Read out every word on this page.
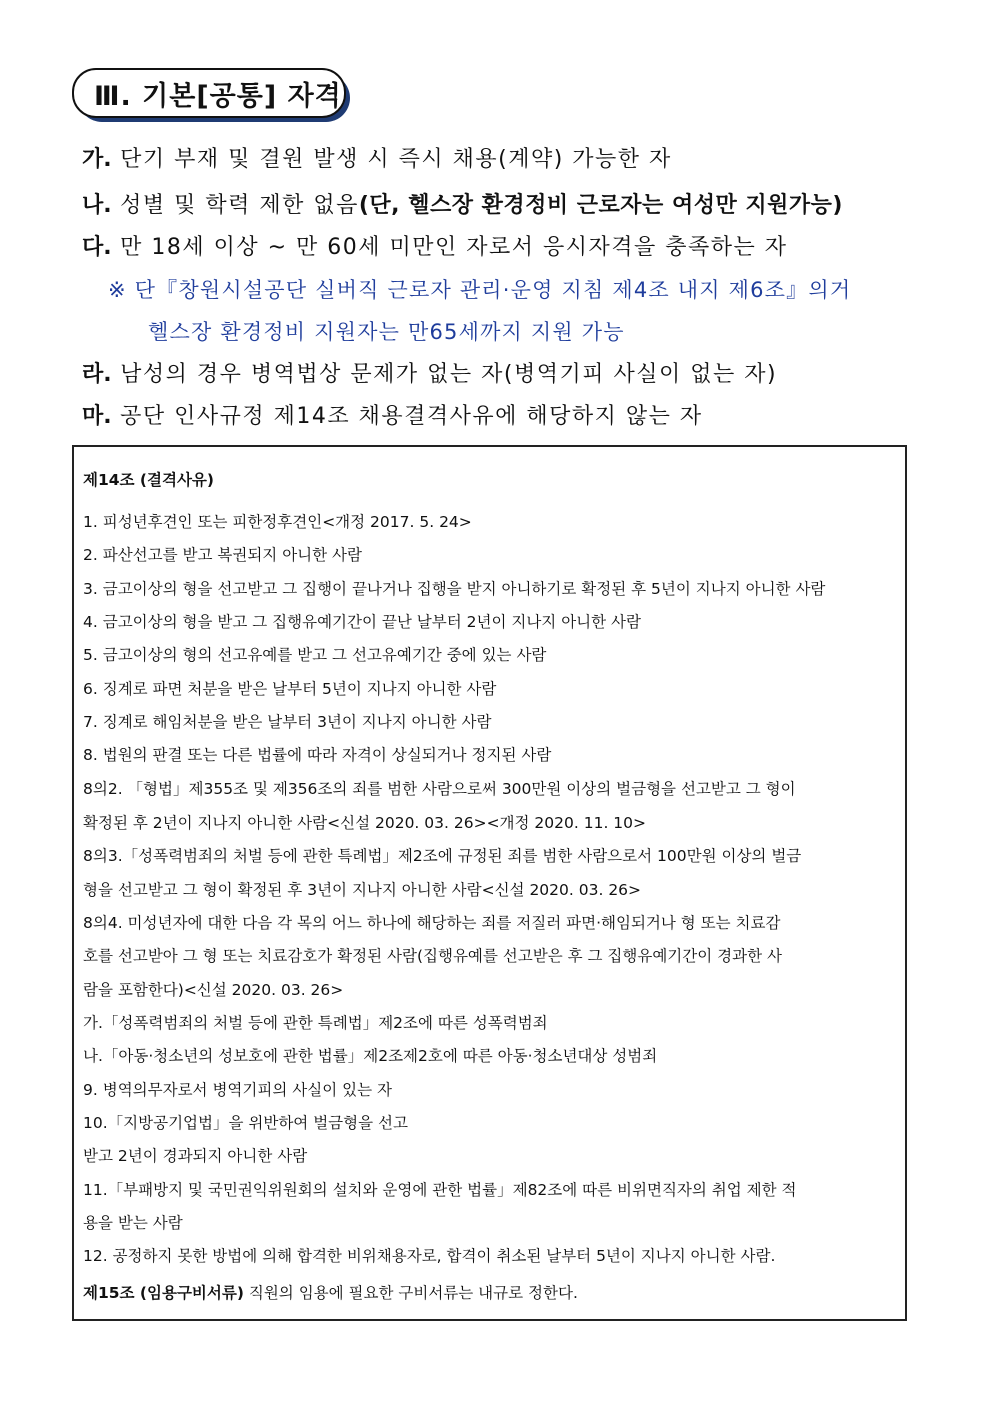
Ⅲ. 기본[공통] 자격
가. 단기 부재 및 결원 발생 시 즉시 채용(계약) 가능한 자
나. 성별 및 학력 제한 없음(단, 헬스장 환경정비 근로자는 여성만 지원가능)
다. 만 18세 이상 ~ 만 60세 미만인 자로서 응시자격을 충족하는 자
※ 단『창원시설공단 실버직 근로자 관리·운영 지침 제4조 내지 제6조』의거
헬스장 환경정비 지원자는 만65세까지 지원 가능
라. 남성의 경우 병역법상 문제가 없는 자(병역기피 사실이 없는 자)
마. 공단 인사규정 제14조 채용결격사유에 해당하지 않는 자
제14조 (결격사유)
1. 피성년후견인 또는 피한정후견인<개정 2017. 5. 24>
2. 파산선고를 받고 복권되지 아니한 사람
3. 금고이상의 형을 선고받고 그 집행이 끝나거나 집행을 받지 아니하기로 확정된 후 5년이 지나지 아니한 사람
4. 금고이상의 형을 받고 그 집행유예기간이 끝난 날부터 2년이 지나지 아니한 사람
5. 금고이상의 형의 선고유예를 받고 그 선고유예기간 중에 있는 사람
6. 징계로 파면 처분을 받은 날부터 5년이 지나지 아니한 사람
7. 징계로 해임처분을 받은 날부터 3년이 지나지 아니한 사람
8. 법원의 판결 또는 다른 법률에 따라 자격이 상실되거나 정지된 사람
8의2. 「형법」제355조 및 제356조의 죄를 범한 사람으로써 300만원 이상의 벌금형을 선고받고 그 형이
확정된 후 2년이 지나지 아니한 사람<신설 2020. 03. 26><개정 2020. 11. 10>
8의3.「성폭력범죄의 처벌 등에 관한 특례법」제2조에 규정된 죄를 범한 사람으로서 100만원 이상의 벌금
형을 선고받고 그 형이 확정된 후 3년이 지나지 아니한 사람<신설 2020. 03. 26>
8의4. 미성년자에 대한 다음 각 목의 어느 하나에 해당하는 죄를 저질러 파면·해임되거나 형 또는 치료감
호를 선고받아 그 형 또는 치료감호가 확정된 사람(집행유예를 선고받은 후 그 집행유예기간이 경과한 사
람을 포함한다)<신설 2020. 03. 26>
가.「성폭력범죄의 처벌 등에 관한 특례법」제2조에 따른 성폭력범죄
나.「아동·청소년의 성보호에 관한 법률」제2조제2호에 따른 아동·청소년대상 성범죄
9. 병역의무자로서 병역기피의 사실이 있는 자
10.「지방공기업법」을 위반하여 벌금형을 선고
받고 2년이 경과되지 아니한 사람
11.「부패방지 및 국민권익위원회의 설치와 운영에 관한 법률」제82조에 따른 비위면직자의 취업 제한 적
용을 받는 사람
12. 공정하지 못한 방법에 의해 합격한 비위채용자로, 합격이 취소된 날부터 5년이 지나지 아니한 사람.
제15조 (임용구비서류) 직원의 임용에 필요한 구비서류는 내규로 정한다.
